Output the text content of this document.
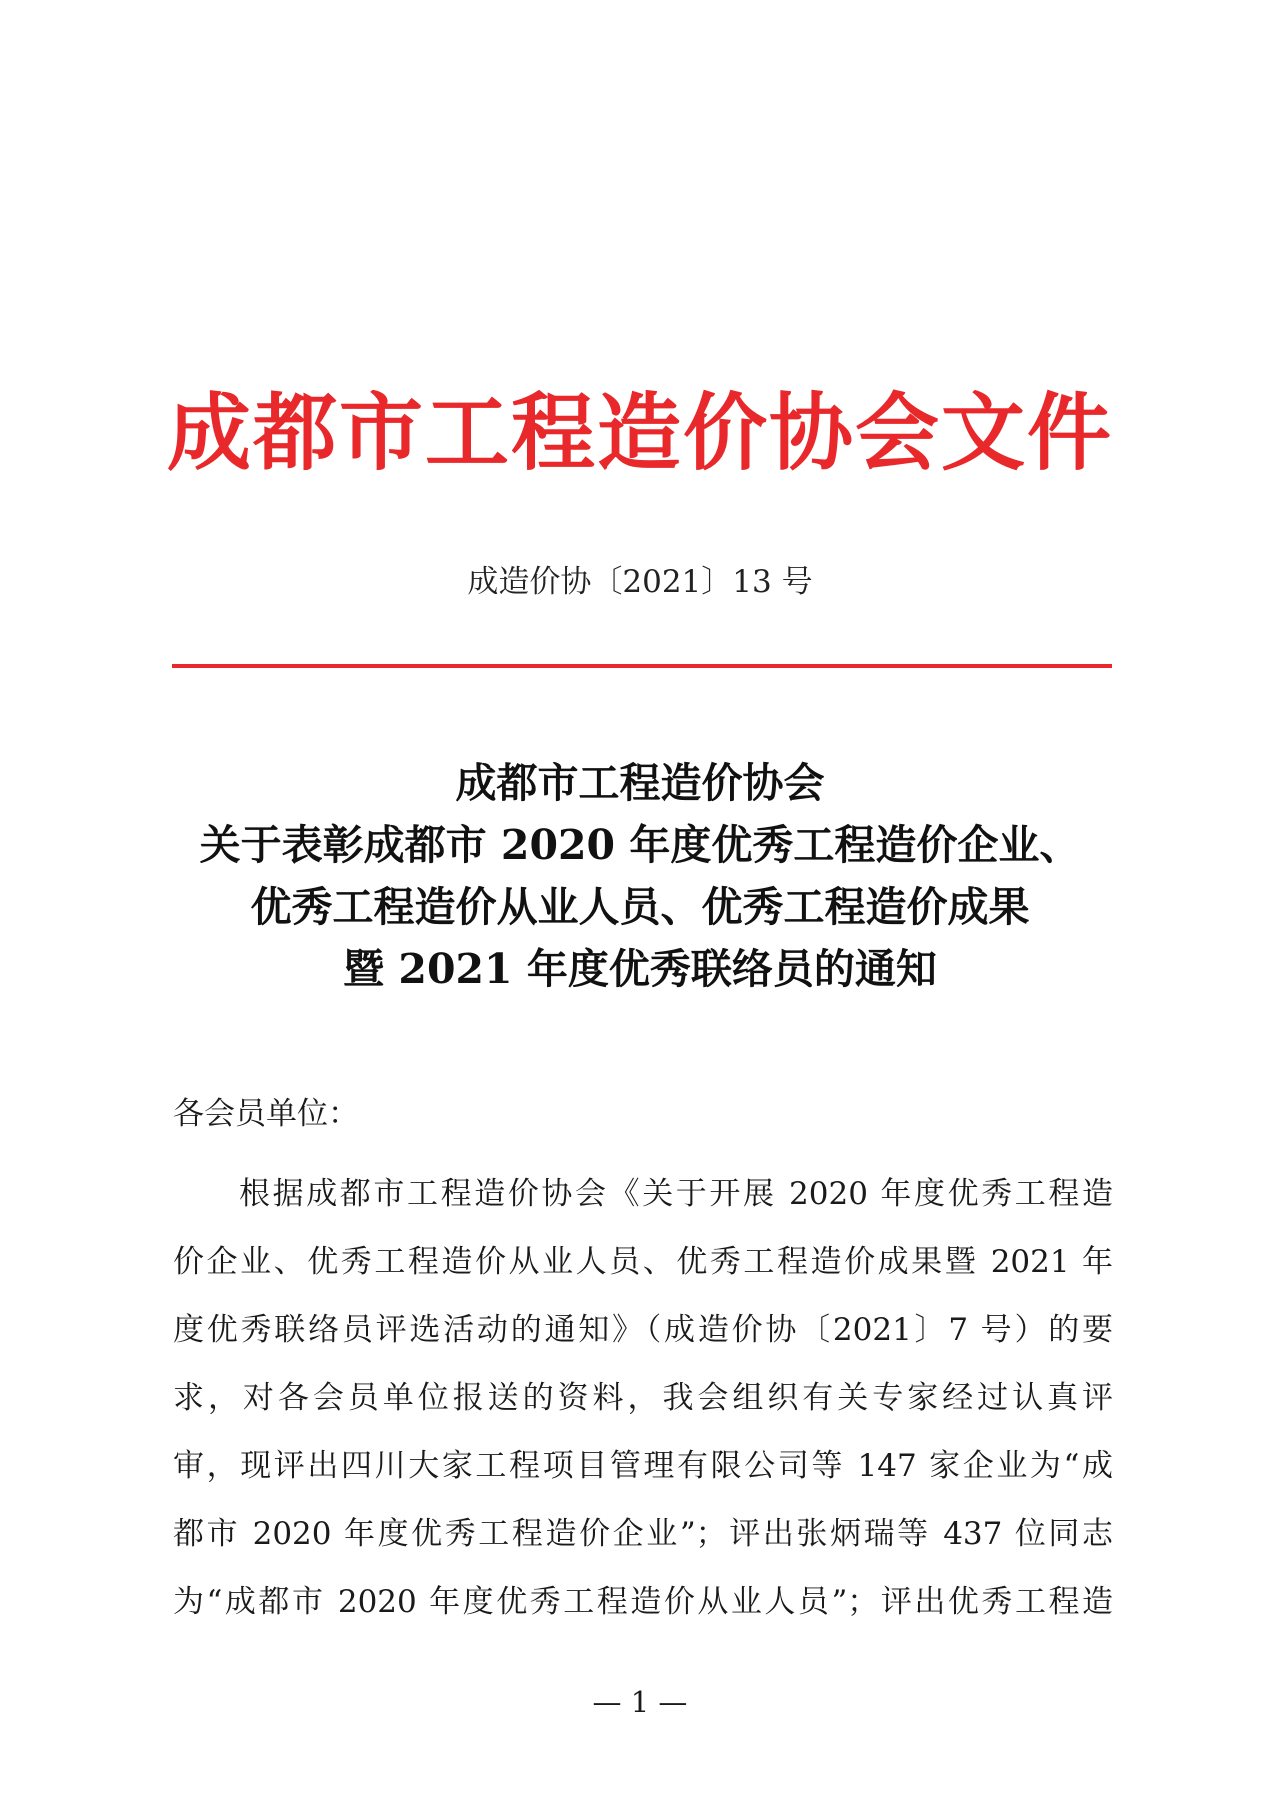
成都市工程造价协会文件
成造价协〔2021〕13 号
成都市工程造价协会
关于表彰成都市 2020 年度优秀工程造价企业、
优秀工程造价从业人员、优秀工程造价成果
暨 2021 年度优秀联络员的通知
各会员单位：
根据成都市工程造价协会《关于开展 2020 年度优秀工程造
价企业、优秀工程造价从业人员、优秀工程造价成果暨 2021 年
度优秀联络员评选活动的通知》（成造价协〔2021〕7 号）的要
求，对各会员单位报送的资料，我会组织有关专家经过认真评
审，现评出四川大家工程项目管理有限公司等 147 家企业为“成
都市 2020 年度优秀工程造价企业”；评出张炳瑞等 437 位同志
为“成都市 2020 年度优秀工程造价从业人员”；评出优秀工程造
— 1 —
